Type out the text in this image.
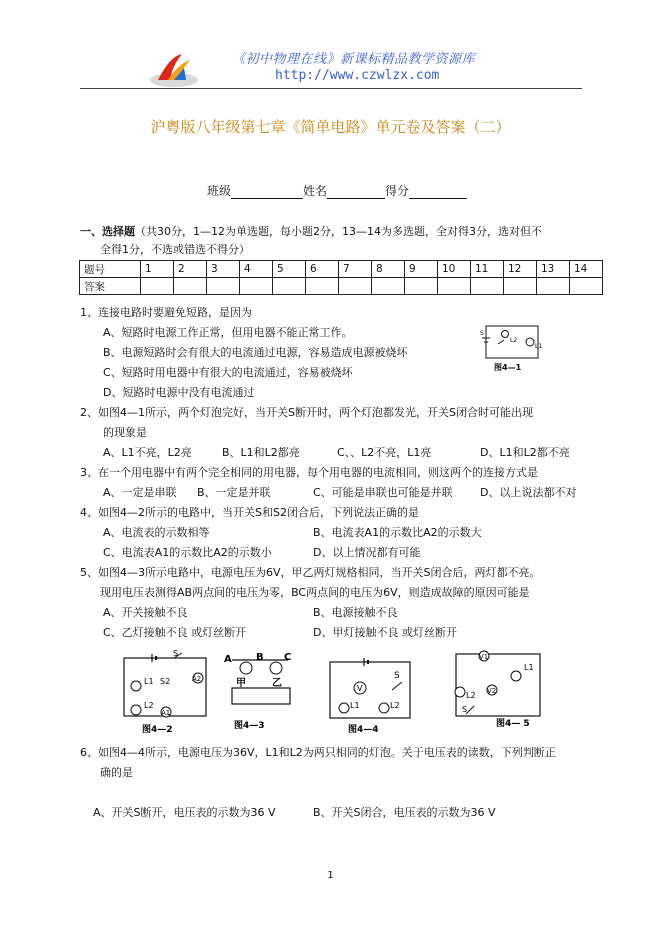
《初中物理在线》新课标精品教学资源库
http://www.czwlzx.com
沪粤版八年级第七章《简单电路》单元卷及答案（二）
班级	姓名	得分
一、选择题（共30分，1—12为单选题，每小题2分，13—14为多选题，全对得3分，选对但不
全得1分，不选或错选不得分）
题号	1	2	3	4	5	6	7	8	9	10	11	12	13	14
答案														
1、连接电路时要避免短路，是因为
A、短路时电源工作正常，但用电器不能正常工作。
B、电源短路时会有很大的电流通过电源，容易造成电源被烧坏
C、短路时用电器中有很大的电流通过，容易被烧坏
D、短路时电源中没有电流通过
S
L2
L1
图4—1
2、如图4—1所示，两个灯泡完好，当开关S断开时，两个灯泡都发光，开关S闭合时可能出现
的现象是
A、L1不亮，L2亮	B、L1和L2都亮	C、、L2不亮，L1亮	D、L1和L2都不亮
3、在一个用电器中有两个完全相同的用电器，每个用电器的电流相同，则这两个的连接方式是
A、一定是串联 B、一定是并联	C、可能是串联也可能是并联 D、以上说法都不对
4、如图4—2所示的电路中，当开关S和S2闭合后，下列说法正确的是
A、电流表的示数相等	B、电流表A1的示数比A2的示数大
C、电流表A1的示数比A2的示数小	D、以上情况都有可能
5、如图4—3所示电路中，电源电压为6V，甲乙两灯规格相同，当开关S闭合后，两灯都不亮。
现用电压表测得AB两点间的电压为零，BC两点间的电压为6V，则造成故障的原因可能是
A、开关接触不良	B、电源接触不良
C、乙灯接触不良 或灯丝断开	D、甲灯接触不良 或灯丝断开
S
L1 S2	A2
L2
A1
图4—2
A B C
甲	乙
图4—3
V
S
L1	L2
图4—4
V1
L1
V2
L2
S
图4— 5
6、如图4—4所示，电源电压为36V，L1和L2为两只相同的灯泡。关于电压表的读数，下列判断正
确的是
A、开关S断开，电压表的示数为36 V	B、开关S闭合，电压表的示数为36 V
1
